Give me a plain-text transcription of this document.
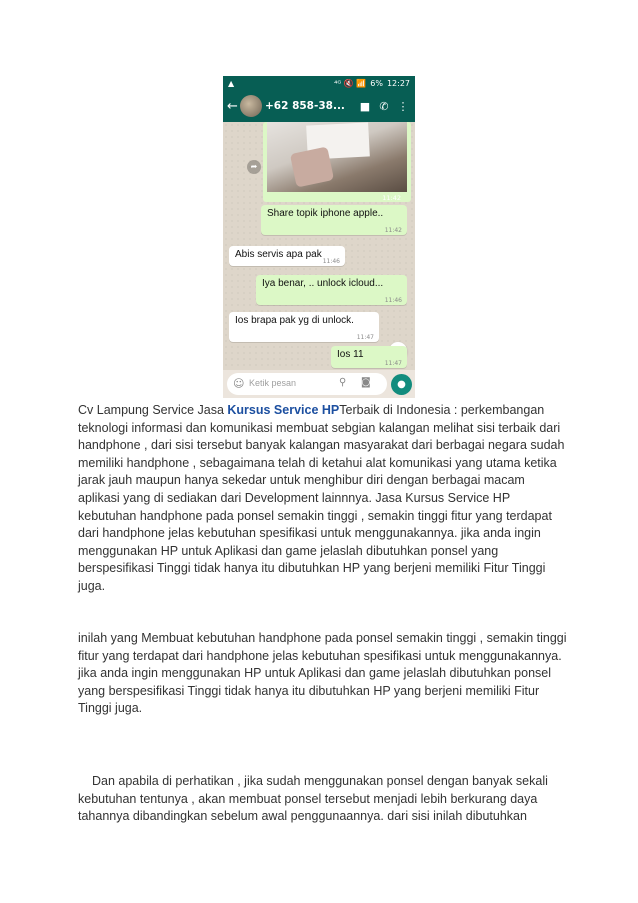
▲	⁴ᴳ 🔇 📶 6% 12:27
←	+62 858-38...	■ ✆ ⋮
➦
11:42
Share topik iphone apple..
11:42
Abis servis apa pak
11:46
Iya benar, .. unlock icloud...
11:46
Ios brapa pak yg di unlock.
11:47
Ios 11
11:47
☺ Ketik pesan	⚲ ◙	●
Cv Lampung Service Jasa Kursus Service HPTerbaik di Indonesia : perkembangan teknologi informasi dan komunikasi membuat sebgian kalangan melihat sisi terbaik dari handphone , dari sisi tersebut banyak kalangan masyarakat dari berbagai negara sudah memiliki handphone , sebagaimana telah di ketahui alat komunikasi yang utama ketika jarak jauh maupun hanya sekedar untuk menghibur diri dengan berbagai macam aplikasi yang di sediakan dari Development lainnnya. Jasa Kursus Service HP kebutuhan handphone pada ponsel semakin tinggi , semakin tinggi fitur yang terdapat dari handphone jelas kebutuhan spesifikasi untuk menggunakannya. jika anda ingin menggunakan HP untuk Aplikasi dan game jelaslah dibutuhkan ponsel yang berspesifikasi Tinggi tidak hanya itu dibutuhkan HP yang berjeni memiliki Fitur Tinggi juga.
inilah yang Membuat kebutuhan handphone pada ponsel semakin tinggi , semakin tinggi fitur yang terdapat dari handphone jelas kebutuhan spesifikasi untuk menggunakannya. jika anda ingin menggunakan HP untuk Aplikasi dan game jelaslah dibutuhkan ponsel yang berspesifikasi Tinggi tidak hanya itu dibutuhkan HP yang berjeni memiliki Fitur Tinggi juga.
Dan apabila di perhatikan , jika sudah menggunakan ponsel dengan banyak sekali kebutuhan tentunya , akan membuat ponsel tersebut menjadi lebih berkurang daya tahannya dibandingkan sebelum awal penggunaannya. dari sisi inilah dibutuhkan
